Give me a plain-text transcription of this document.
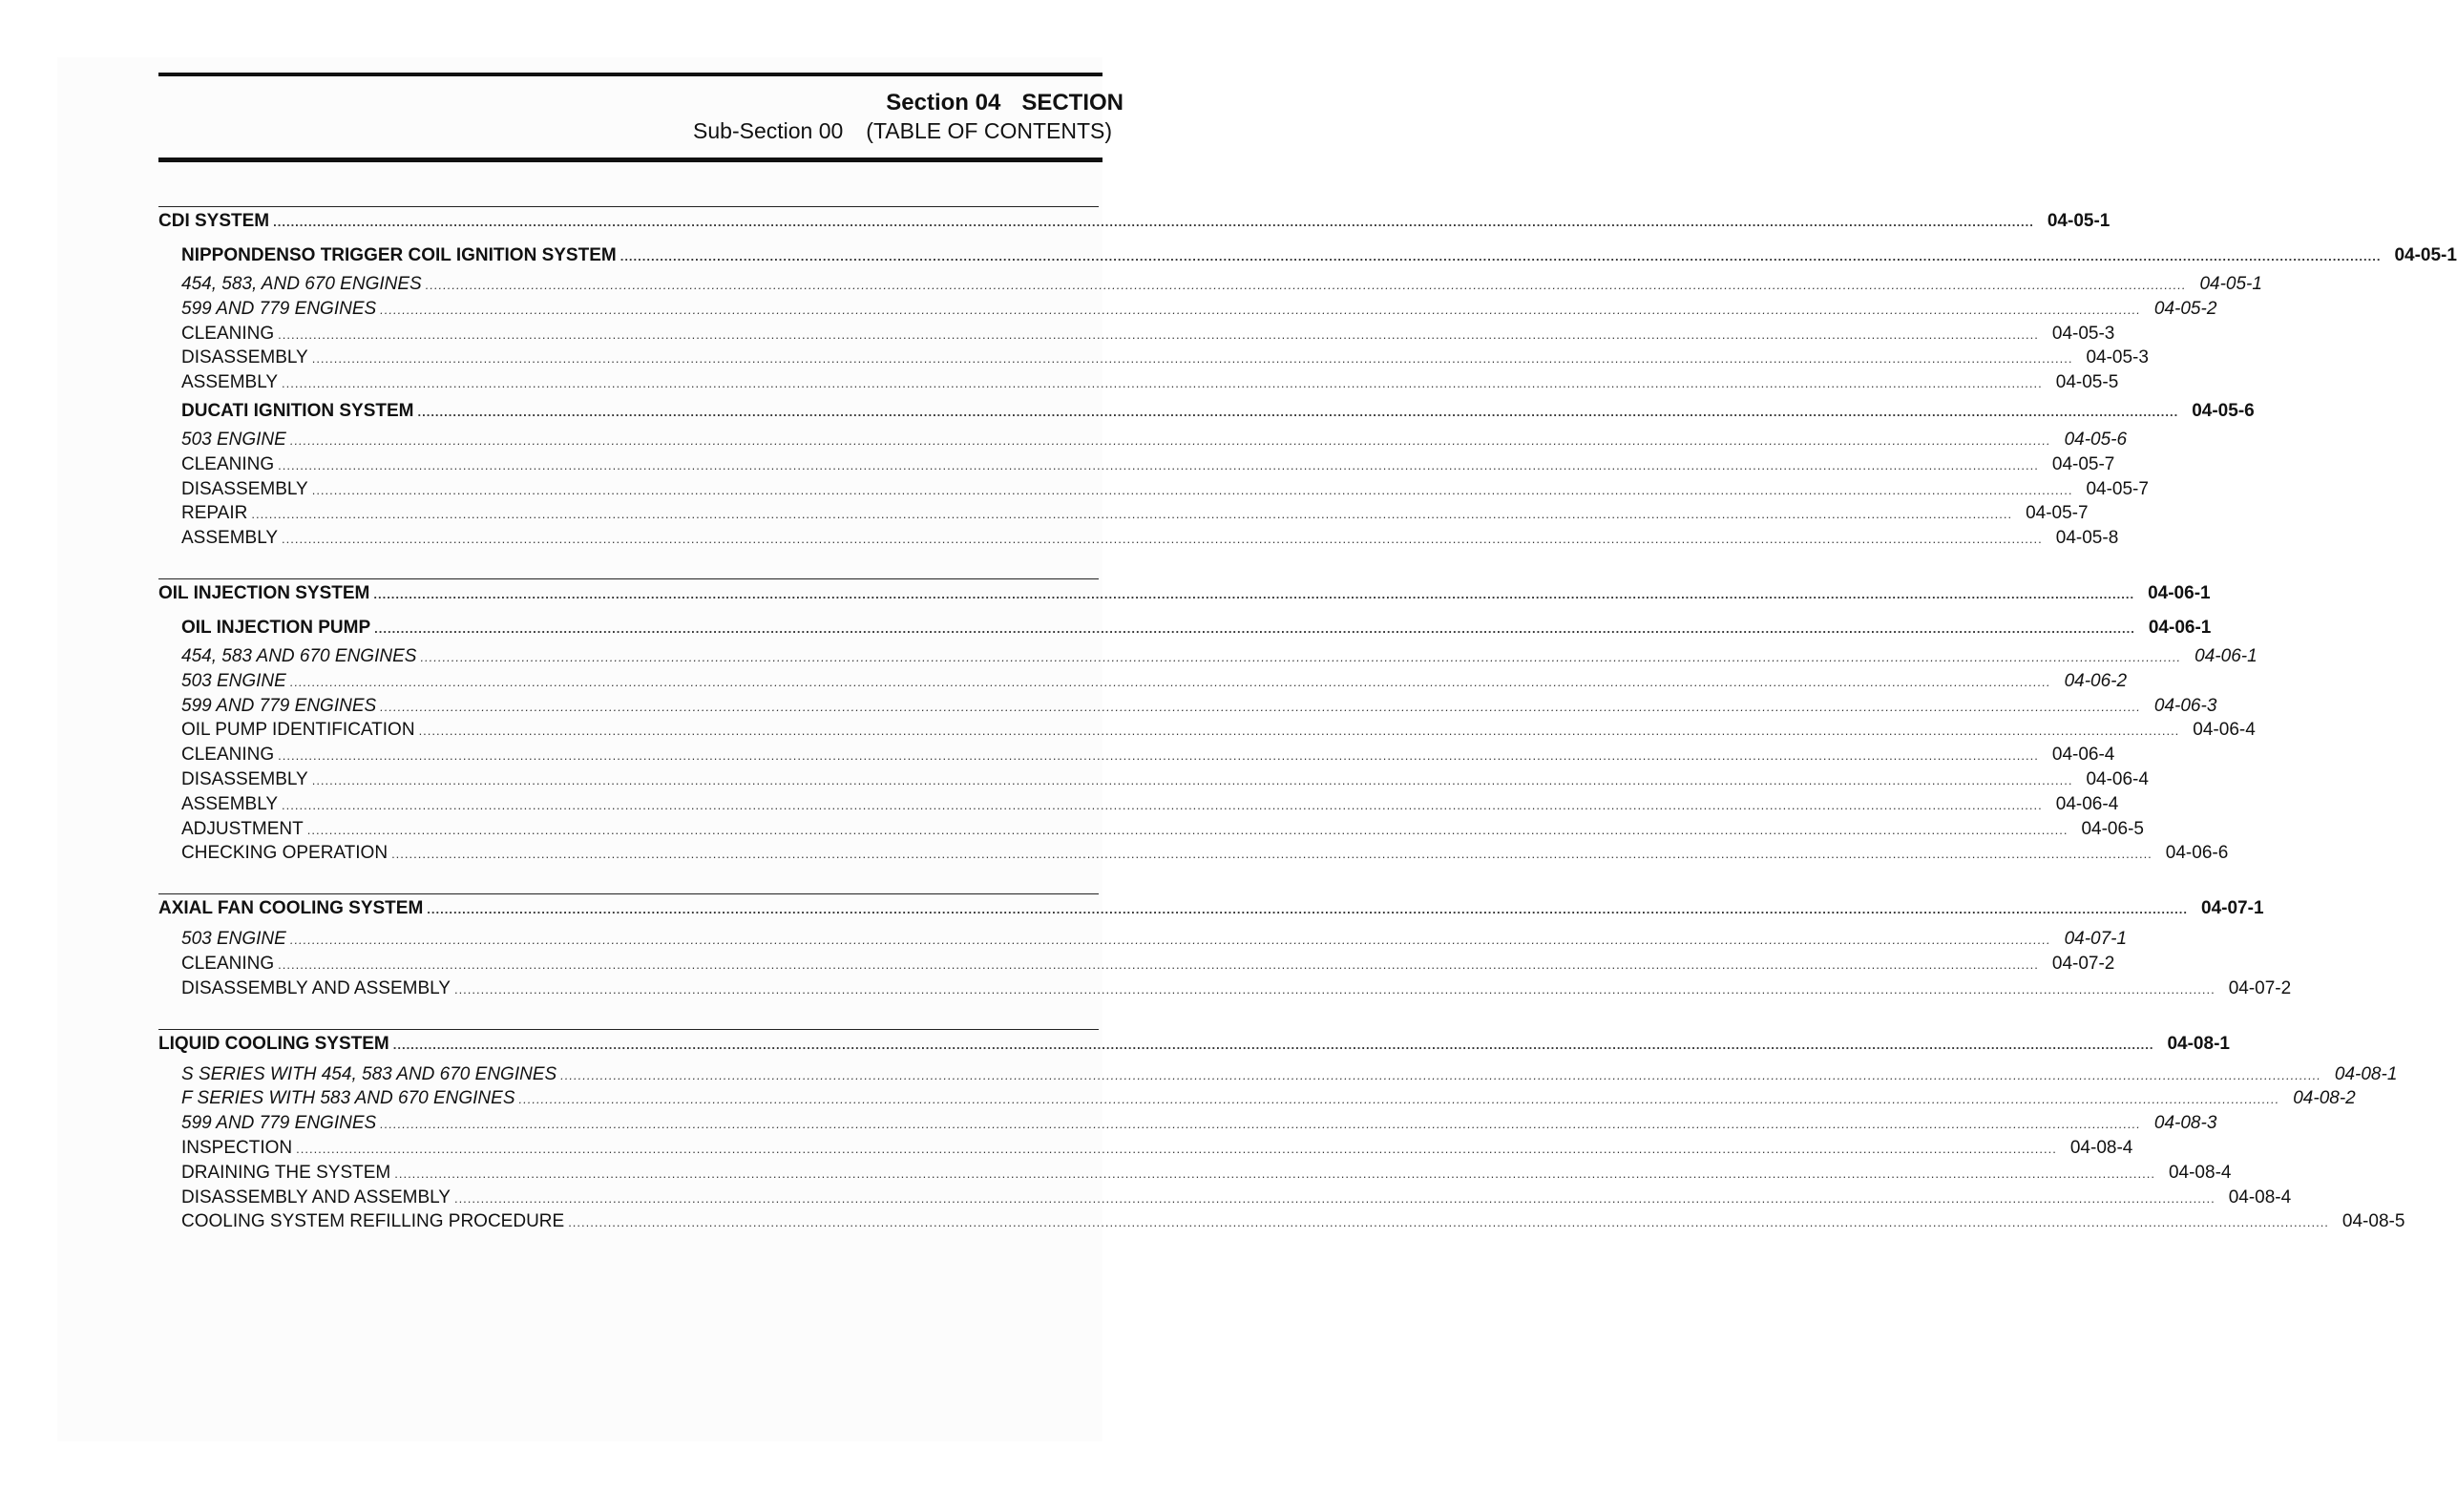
Section 04 SECTION
Sub-Section 00 (TABLE OF CONTENTS)
CDI SYSTEM .....	04-05-1
NIPPONDENSO TRIGGER COIL IGNITION SYSTEM .....	04-05-1
454, 583, AND 670 ENGINES .....	04-05-1
599 AND 779 ENGINES .....	04-05-2
CLEANING .....	04-05-3
DISASSEMBLY .....	04-05-3
ASSEMBLY .....	04-05-5
DUCATI IGNITION SYSTEM .....	04-05-6
503 ENGINE .....	04-05-6
CLEANING .....	04-05-7
DISASSEMBLY .....	04-05-7
REPAIR .....	04-05-7
ASSEMBLY .....	04-05-8
OIL INJECTION SYSTEM .....	04-06-1
OIL INJECTION PUMP .....	04-06-1
454, 583 AND 670 ENGINES .....	04-06-1
503 ENGINE .....	04-06-2
599 AND 779 ENGINES .....	04-06-3
OIL PUMP IDENTIFICATION .....	04-06-4
CLEANING .....	04-06-4
DISASSEMBLY .....	04-06-4
ASSEMBLY .....	04-06-4
ADJUSTMENT .....	04-06-5
CHECKING OPERATION .....	04-06-6
AXIAL FAN COOLING SYSTEM .....	04-07-1
503 ENGINE .....	04-07-1
CLEANING .....	04-07-2
DISASSEMBLY AND ASSEMBLY .....	04-07-2
LIQUID COOLING SYSTEM .....	04-08-1
S SERIES WITH 454, 583 AND 670 ENGINES .....	04-08-1
F SERIES WITH 583 AND 670 ENGINES .....	04-08-2
599 AND 779 ENGINES .....	04-08-3
INSPECTION .....	04-08-4
DRAINING THE SYSTEM .....	04-08-4
DISASSEMBLY AND ASSEMBLY .....	04-08-4
COOLING SYSTEM REFILLING PROCEDURE .....	04-08-5
